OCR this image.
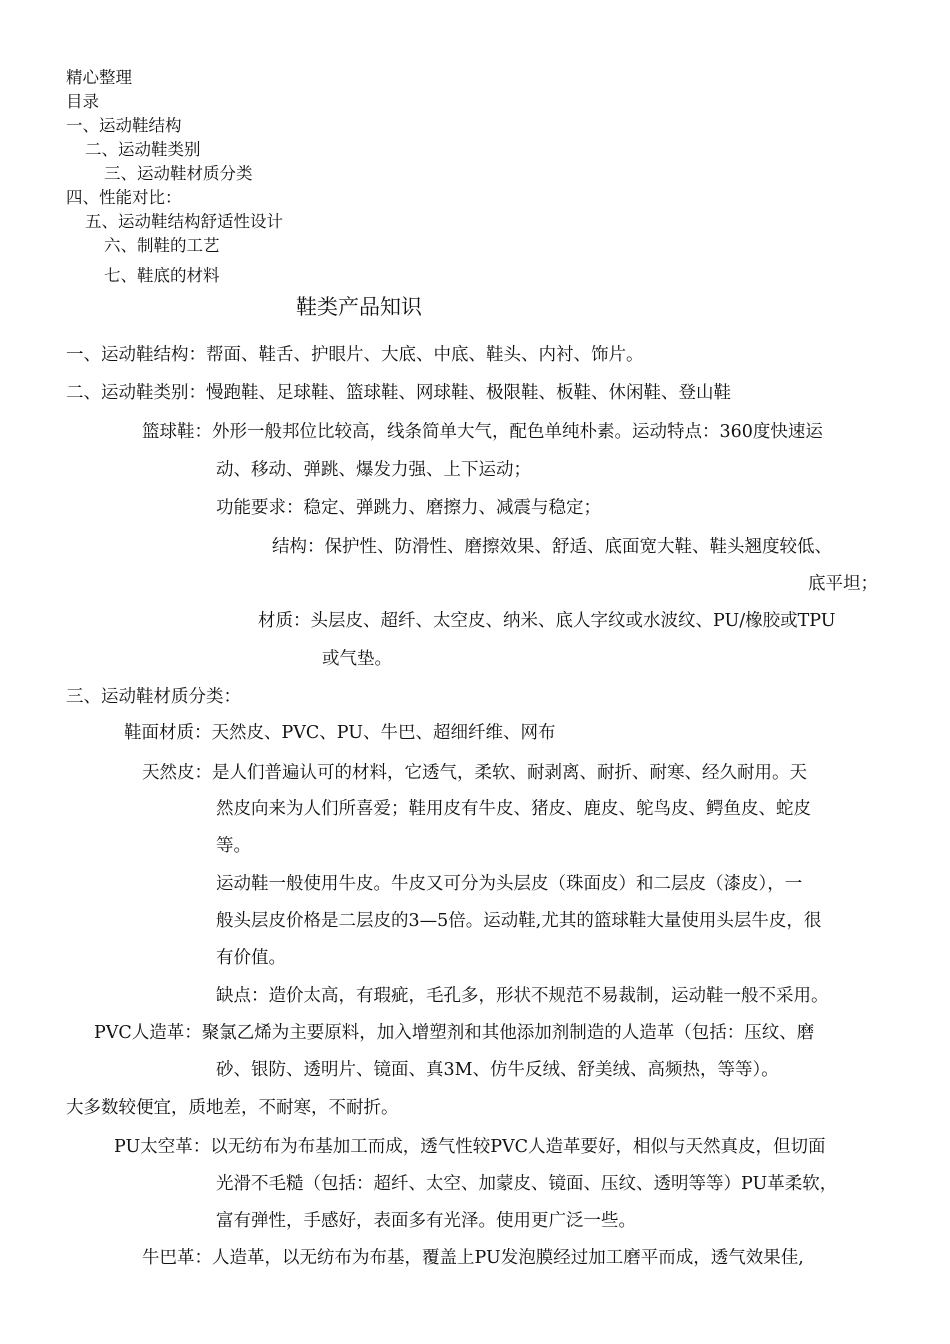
精心整理
目录
一、运动鞋结构
二、运动鞋类别
三、运动鞋材质分类
四、性能对比：
五、运动鞋结构舒适性设计
六、制鞋的工艺
七、鞋底的材料
鞋类产品知识
一、运动鞋结构：帮面、鞋舌、护眼片、大底、中底、鞋头、内衬、饰片。
二、运动鞋类别：慢跑鞋、足球鞋、篮球鞋、网球鞋、极限鞋、板鞋、休闲鞋、登山鞋
篮球鞋：外形一般邦位比较高，线条简单大气，配色单纯朴素。运动特点：360度快速运
动、移动、弹跳、爆发力强、上下运动；
功能要求：稳定、弹跳力、磨擦力、减震与稳定；
结构：保护性、防滑性、磨擦效果、舒适、底面宽大鞋、鞋头翘度较低、
底平坦；
材质：头层皮、超纤、太空皮、纳米、底人字纹或水波纹、PU/橡胶或TPU
或气垫。
三、运动鞋材质分类：
鞋面材质：天然皮、PVC、PU、牛巴、超细纤维、网布
天然皮：是人们普遍认可的材料，它透气，柔软、耐剥离、耐折、耐寒、经久耐用。天
然皮向来为人们所喜爱；鞋用皮有牛皮、猪皮、鹿皮、鸵鸟皮、鳄鱼皮、蛇皮
等。
运动鞋一般使用牛皮。牛皮又可分为头层皮（珠面皮）和二层皮（漆皮），一
般头层皮价格是二层皮的3—5倍。运动鞋,尤其的篮球鞋大量使用头层牛皮，很
有价值。
缺点：造价太高，有瑕疵，毛孔多，形状不规范不易裁制，运动鞋一般不采用。
PVC人造革：聚氯乙烯为主要原料，加入增塑剂和其他添加剂制造的人造革（包括：压纹、磨
砂、银防、透明片、镜面、真3M、仿牛反绒、舒美绒、高频热，等等）。
大多数较便宜，质地差，不耐寒，不耐折。
PU太空革：以无纺布为布基加工而成，透气性较PVC人造革要好，相似与天然真皮，但切面
光滑不毛糙（包括：超纤、太空、加蒙皮、镜面、压纹、透明等等）PU革柔软，
富有弹性，手感好，表面多有光泽。使用更广泛一些。
牛巴革：人造革，以无纺布为布基，覆盖上PU发泡膜经过加工磨平而成，透气效果佳,
